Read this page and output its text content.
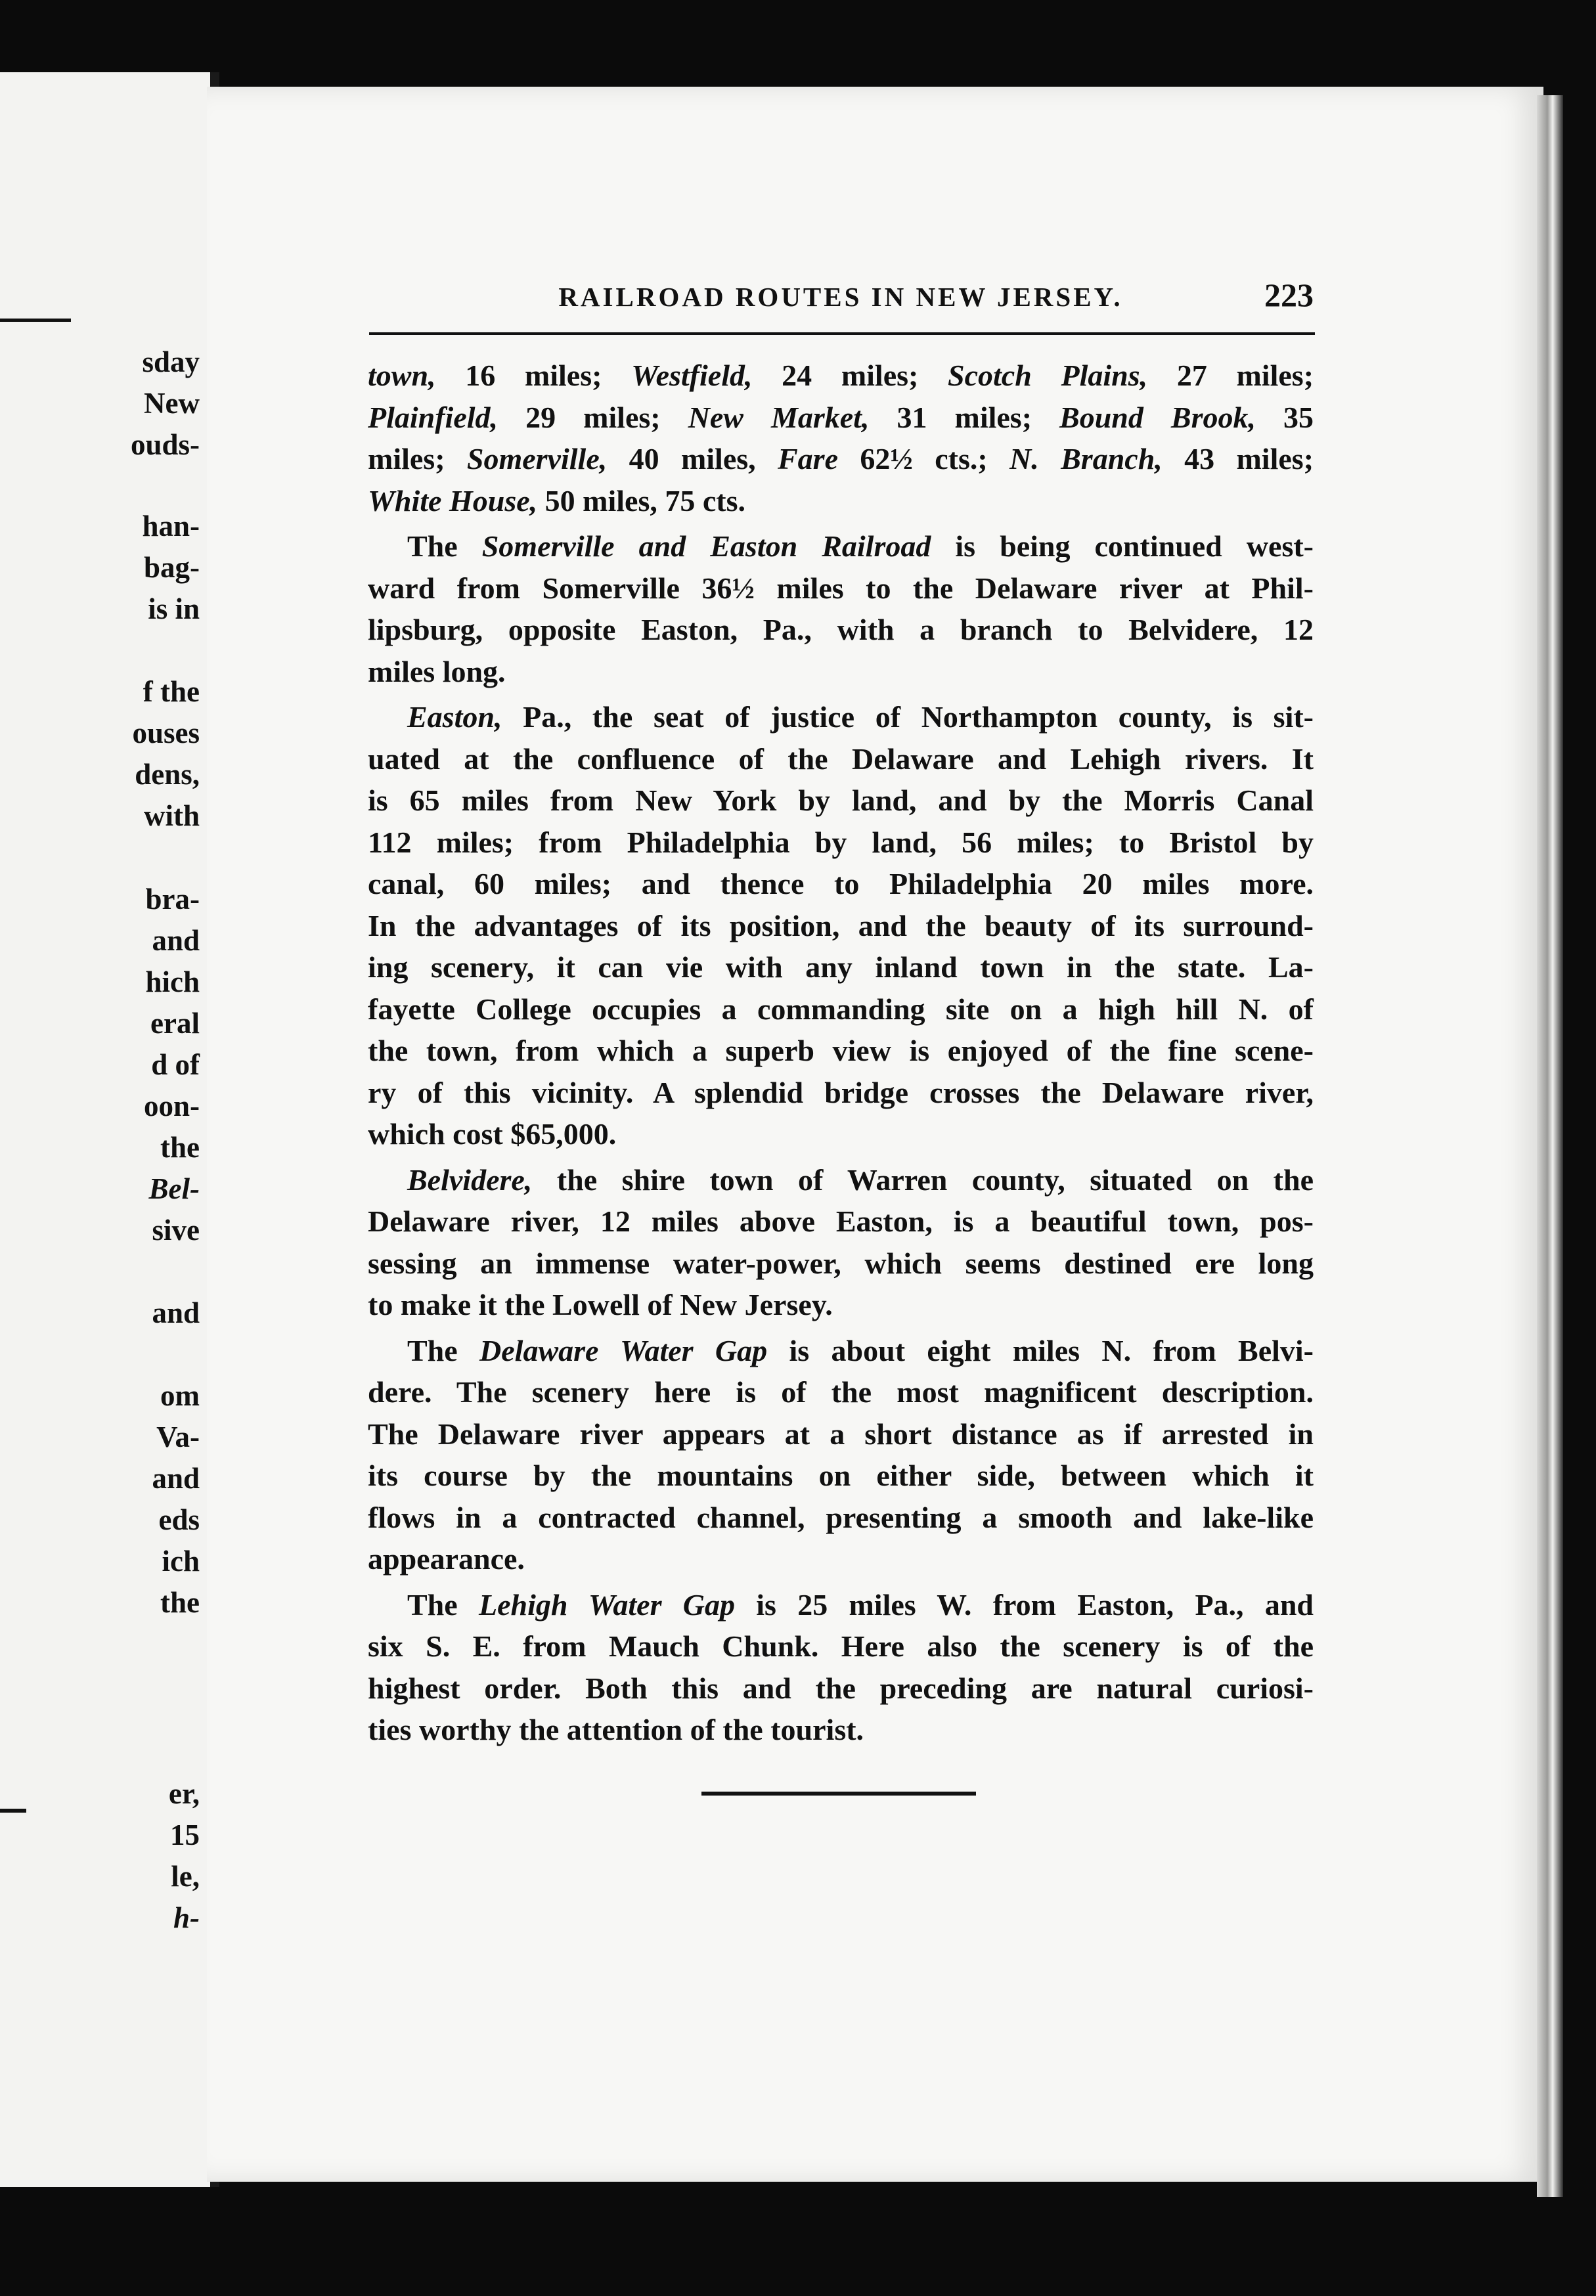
sday
New
ouds-
han-
bag-
is in
f the
ouses
dens,
with
bra-
and
hich
eral
d of
oon-
the
Bel-
sive
and
om
Va-
and
eds
ich
the
er,
15
le,
h-
RAILROAD ROUTES IN NEW JERSEY.	223

town, 16 miles; Westfield, 24 miles; Scotch Plains, 27 miles;
Plainfield, 29 miles; New Market, 31 miles; Bound Brook, 35
miles; Somerville, 40 miles, Fare 62½ cts.; N. Branch, 43 miles;
White House, 50 miles, 75 cts.

The Somerville and Easton Railroad is being continued west-
ward from Somerville 36½ miles to the Delaware river at Phil-
lipsburg, opposite Easton, Pa., with a branch to Belvidere, 12
miles long.

Easton, Pa., the seat of justice of Northampton county, is sit-
uated at the confluence of the Delaware and Lehigh rivers. It
is 65 miles from New York by land, and by the Morris Canal
112 miles; from Philadelphia by land, 56 miles; to Bristol by
canal, 60 miles; and thence to Philadelphia 20 miles more.
In the advantages of its position, and the beauty of its surround-
ing scenery, it can vie with any inland town in the state. La-
fayette College occupies a commanding site on a high hill N. of
the town, from which a superb view is enjoyed of the fine scene-
ry of this vicinity. A splendid bridge crosses the Delaware river,
which cost $65,000.

Belvidere, the shire town of Warren county, situated on the
Delaware river, 12 miles above Easton, is a beautiful town, pos-
sessing an immense water-power, which seems destined ere long
to make it the Lowell of New Jersey.

The Delaware Water Gap is about eight miles N. from Belvi-
dere. The scenery here is of the most magnificent description.
The Delaware river appears at a short distance as if arrested in
its course by the mountains on either side, between which it
flows in a contracted channel, presenting a smooth and lake-like
appearance.

The Lehigh Water Gap is 25 miles W. from Easton, Pa., and
six S. E. from Mauch Chunk. Here also the scenery is of the
highest order. Both this and the preceding are natural curiosi-
ties worthy the attention of the tourist.
